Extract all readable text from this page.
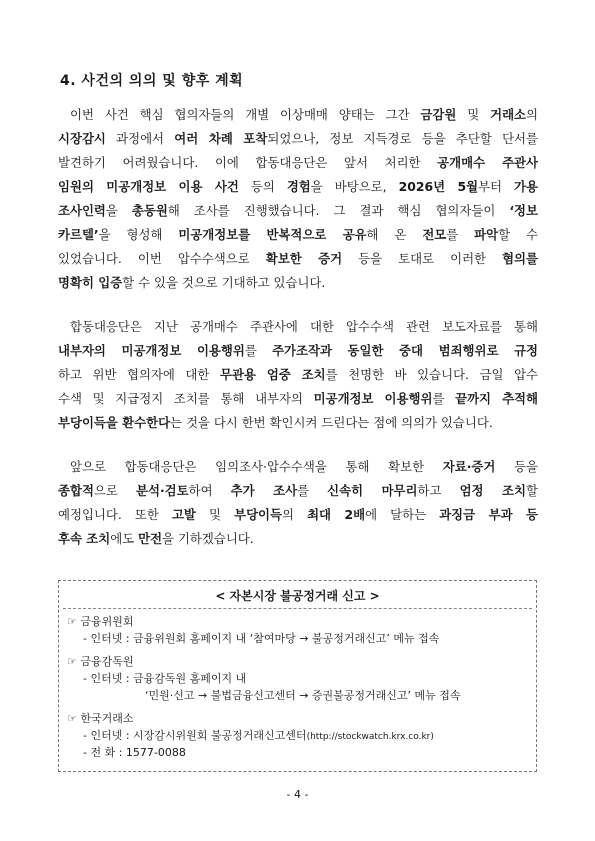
4. 사건의 의의 및 향후 계획
이번 사건 핵심 협의자들의 개별 이상매매 양태는 그간 금감원 및 거래소의
시장감시 과정에서 여러 차례 포착되었으나, 정보 지득경로 등을 추단할 단서를
발견하기 어려웠습니다. 이에 합동대응단은 앞서 처리한 공개매수 주관사
임원의 미공개정보 이용 사건 등의 경험을 바탕으로, 2026년 5월부터 가용
조사인력을 총동원해 조사를 진행했습니다. 그 결과 핵심 협의자들이 ‘정보
카르텔’을 형성해 미공개정보를 반복적으로 공유해 온 전모를 파악할 수
있었습니다. 이번 압수수색으로 확보한 증거 등을 토대로 이러한 혐의를
명확히 입증할 수 있을 것으로 기대하고 있습니다.
합동대응단은 지난 공개매수 주관사에 대한 압수수색 관련 보도자료를 통해
내부자의 미공개정보 이용행위를 주가조작과 동일한 중대 범죄행위로 규정
하고 위반 협의자에 대한 무관용 엄중 조치를 천명한 바 있습니다. 금일 압수
수색 및 지급정지 조치를 통해 내부자의 미공개정보 이용행위를 끝까지 추적해
부당이득을 환수한다는 것을 다시 한번 확인시켜 드린다는 점에 의의가 있습니다.
앞으로 합동대응단은 임의조사·압수수색을 통해 확보한 자료·증거 등을
종합적으로 분석·검토하여 추가 조사를 신속히 마무리하고 엄정 조치할
예정입니다. 또한 고발 및 부당이득의 최대 2배에 달하는 과징금 부과 등
후속 조치에도 만전을 기하겠습니다.
< 자본시장 불공정거래 신고 >
☞ 금융위원회
- 인터넷 : 금융위원회 홈페이지 내 ‘참여마당 → 불공정거래신고’ 메뉴 접속
☞ 금융감독원
- 인터넷 : 금융감독원 홈페이지 내
‘민원·신고 → 불법금융신고센터 → 증권불공정거래신고’ 메뉴 접속
☞ 한국거래소
- 인터넷 : 시장감시위원회 불공정거래신고센터(http://stockwatch.krx.co.kr)
- 전 화 : 1577-0088
- 4 -
